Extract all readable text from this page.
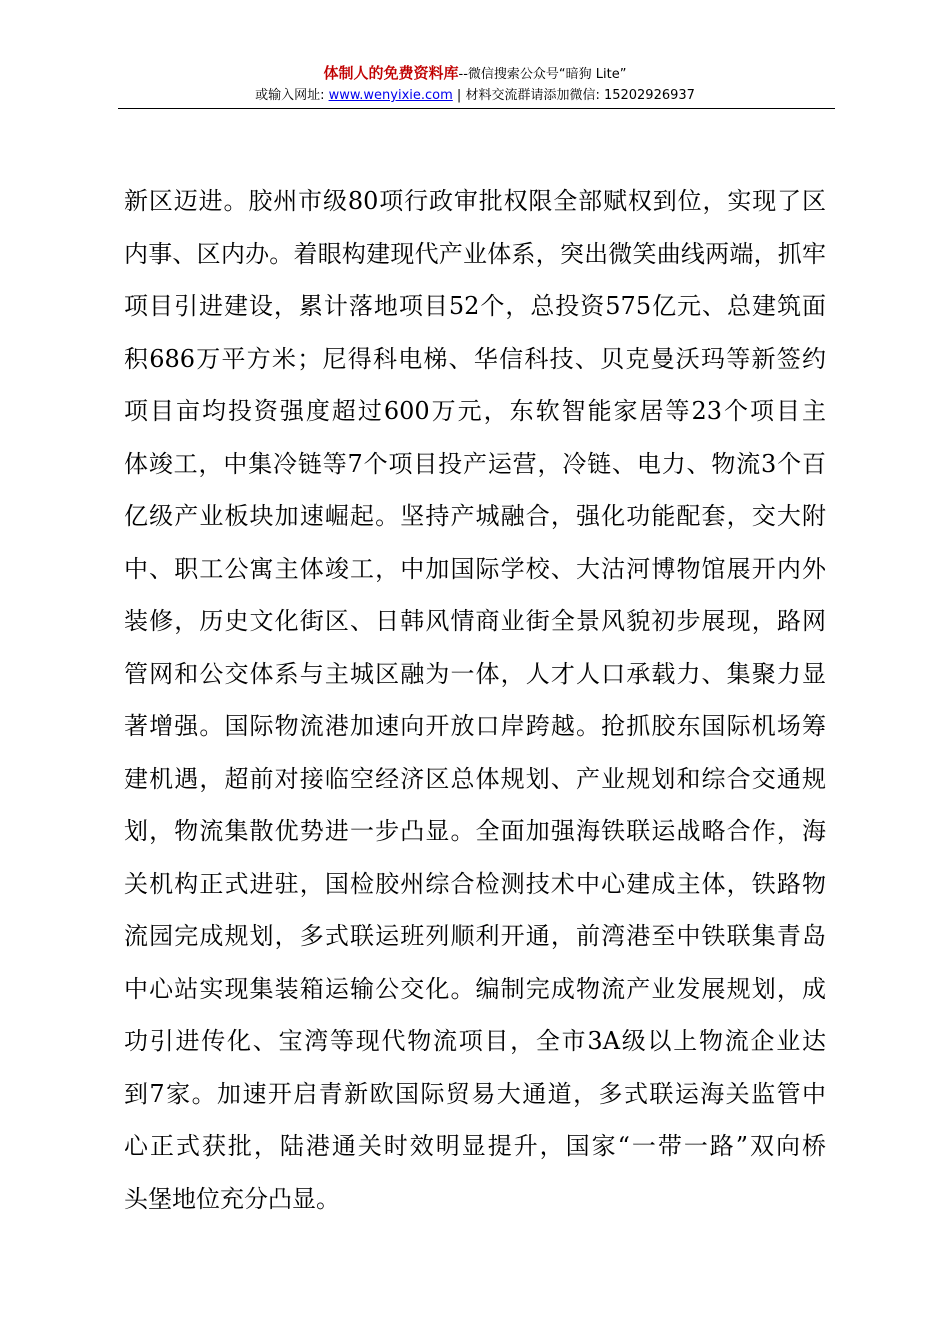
体制人的免费资料库--微信搜索公众号“暗狗 Lite”
或输入网址: www.wenyixie.com | 材料交流群请添加微信: 15202926937
新区迈进。胶州市级80项行政审批权限全部赋权到位，实现了区
内事、区内办。着眼构建现代产业体系，突出微笑曲线两端，抓牢
项目引进建设，累计落地项目52个，总投资575亿元、总建筑面
积686万平方米；尼得科电梯、华信科技、贝克曼沃玛等新签约
项目亩均投资强度超过600万元，东软智能家居等23个项目主
体竣工，中集冷链等7个项目投产运营，冷链、电力、物流3个百
亿级产业板块加速崛起。坚持产城融合，强化功能配套，交大附
中、职工公寓主体竣工，中加国际学校、大沽河博物馆展开内外
装修，历史文化街区、日韩风情商业街全景风貌初步展现，路网
管网和公交体系与主城区融为一体，人才人口承载力、集聚力显
著增强。国际物流港加速向开放口岸跨越。抢抓胶东国际机场筹
建机遇，超前对接临空经济区总体规划、产业规划和综合交通规
划，物流集散优势进一步凸显。全面加强海铁联运战略合作，海
关机构正式进驻，国检胶州综合检测技术中心建成主体，铁路物
流园完成规划，多式联运班列顺利开通，前湾港至中铁联集青岛
中心站实现集装箱运输公交化。编制完成物流产业发展规划，成
功引进传化、宝湾等现代物流项目，全市3A级以上物流企业达
到7家。加速开启青新欧国际贸易大通道，多式联运海关监管中
心正式获批，陆港通关时效明显提升，国家“一带一路”双向桥
头堡地位充分凸显。
